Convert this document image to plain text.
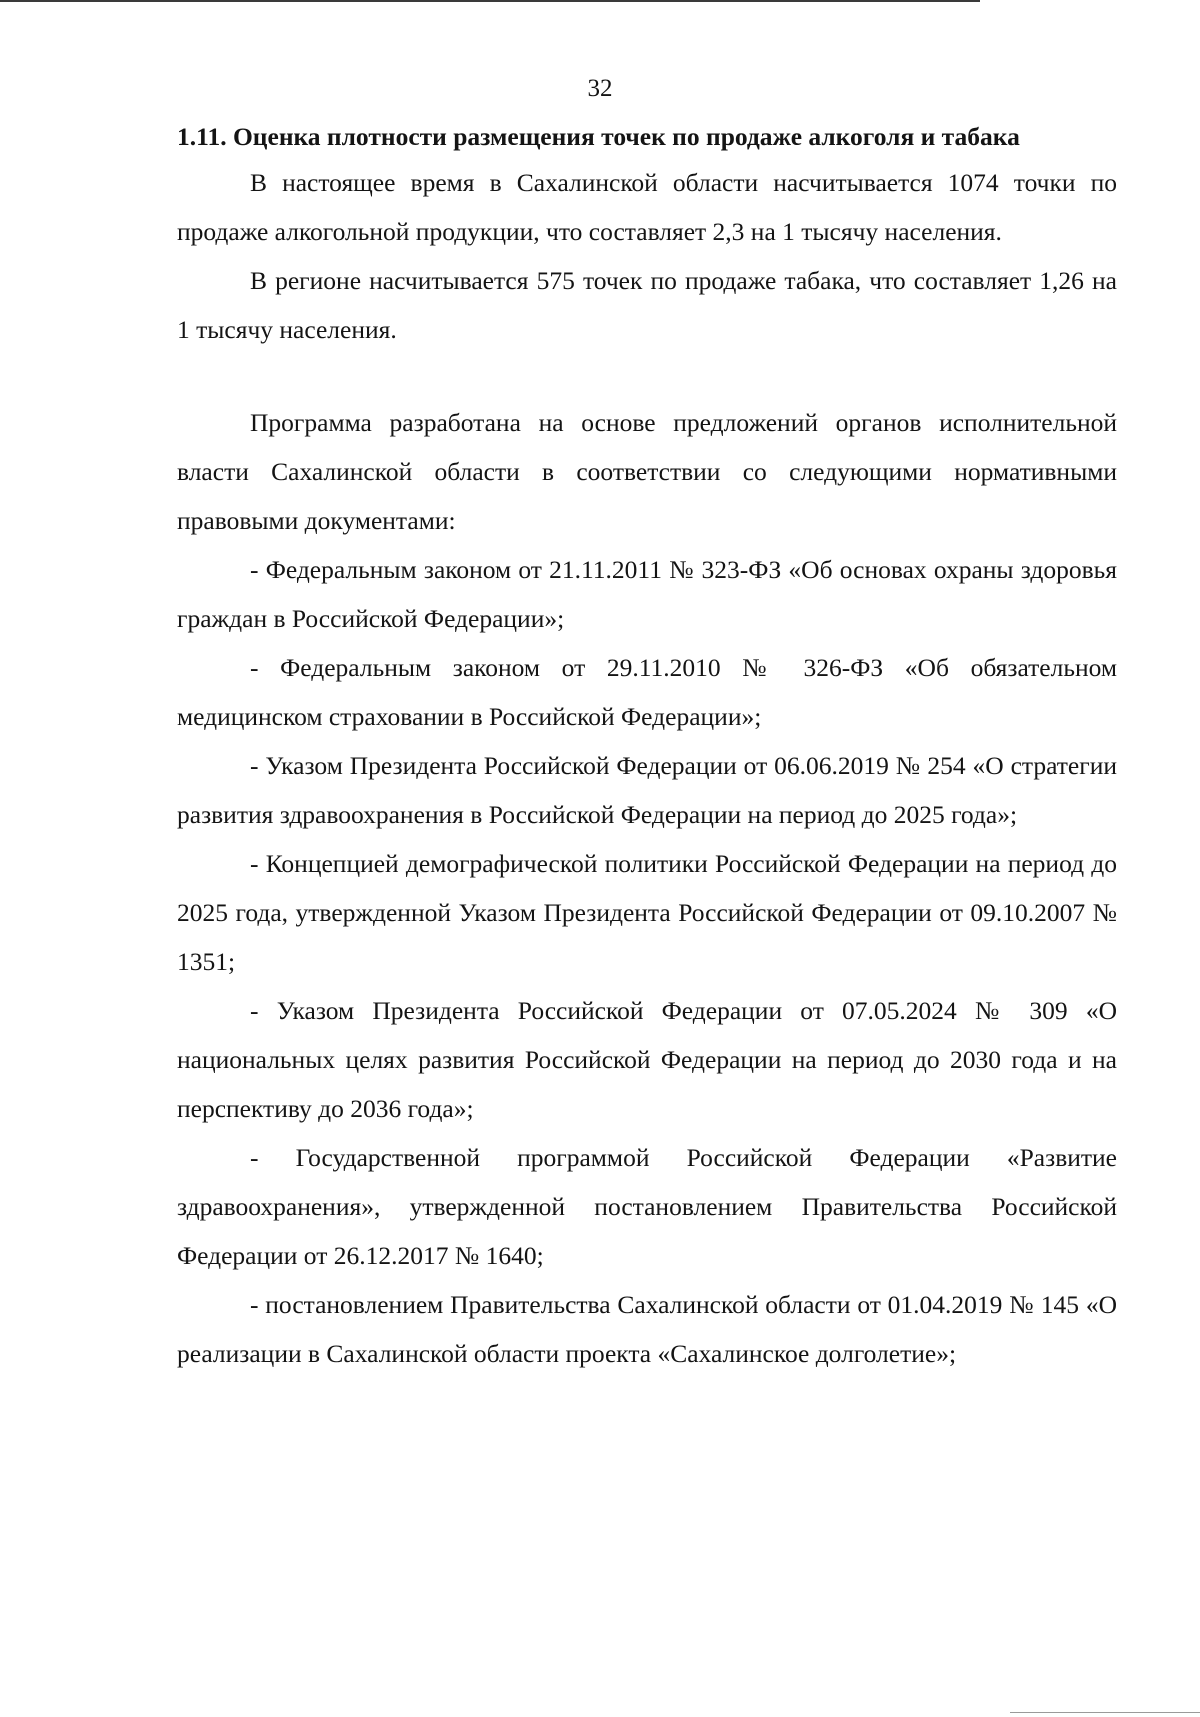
32

1.11. Оценка плотности размещения точек по продаже алкоголя и табака

В настоящее время в Сахалинской области насчитывается 1074 точки по продаже алкогольной продукции, что составляет 2,3 на 1 тысячу населения.

В регионе насчитывается 575 точек по продаже табака, что составляет 1,26 на 1 тысячу населения.

Программа разработана на основе предложений органов исполнительной власти Сахалинской области в соответствии со следующими нормативными правовыми документами:

- Федеральным законом от 21.11.2011 № 323-ФЗ «Об основах охраны здоровья граждан в Российской Федерации»;

- Федеральным законом от 29.11.2010 № 326-ФЗ «Об обязательном медицинском страховании в Российской Федерации»;

- Указом Президента Российской Федерации от 06.06.2019 № 254 «О стратегии развития здравоохранения в Российской Федерации на период до 2025 года»;

- Концепцией демографической политики Российской Федерации на период до 2025 года, утвержденной Указом Президента Российской Федерации от 09.10.2007 № 1351;

- Указом Президента Российской Федерации от 07.05.2024 № 309 «О национальных целях развития Российской Федерации на период до 2030 года и на перспективу до 2036 года»;

- Государственной программой Российской Федерации «Развитие здравоохранения», утвержденной постановлением Правительства Российской Федерации от 26.12.2017 № 1640;

- постановлением Правительства Сахалинской области от 01.04.2019 № 145 «О реализации в Сахалинской области проекта «Сахалинское долголетие»;
